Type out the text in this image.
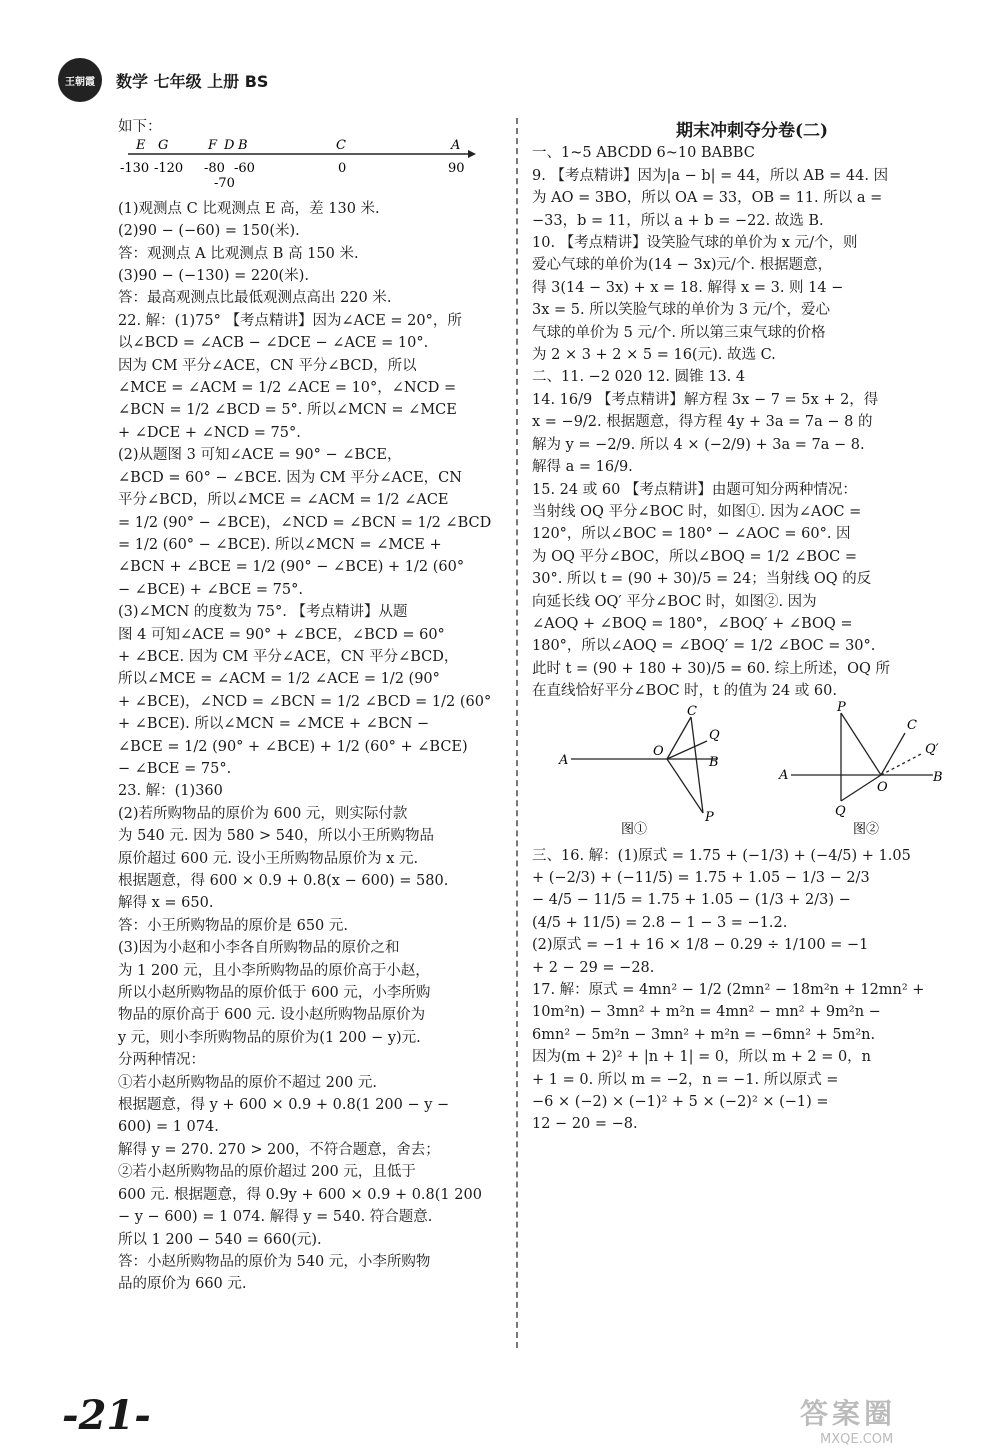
王朝霞	数学 七年级 上册 BS

如下：

E G	F D B	C	A
-130 -120 -80 -60	0	90
-70

(1)观测点 C 比观测点 E 高，差 130 米.

(2)90 − (−60) = 150(米).

答：观测点 A 比观测点 B 高 150 米.

(3)90 − (−130) = 220(米).

答：最高观测点比最低观测点高出 220 米.

22. 解：(1)75° 【考点精讲】因为∠ACE = 20°，所

以∠BCD = ∠ACB − ∠DCE − ∠ACE = 10°.

因为 CM 平分∠ACE，CN 平分∠BCD，所以

∠MCE = ∠ACM = 1/2 ∠ACE = 10°，∠NCD =

∠BCN = 1/2 ∠BCD = 5°. 所以∠MCN = ∠MCE

+ ∠DCE + ∠NCD = 75°.

(2)从题图 3 可知∠ACE = 90° − ∠BCE，

∠BCD = 60° − ∠BCE. 因为 CM 平分∠ACE，CN

平分∠BCD，所以∠MCE = ∠ACM = 1/2 ∠ACE

= 1/2 (90° − ∠BCE)，∠NCD = ∠BCN = 1/2 ∠BCD

= 1/2 (60° − ∠BCE). 所以∠MCN = ∠MCE +

∠BCN + ∠BCE = 1/2 (90° − ∠BCE) + 1/2 (60°

− ∠BCE) + ∠BCE = 75°.

(3)∠MCN 的度数为 75°. 【考点精讲】从题

图 4 可知∠ACE = 90° + ∠BCE，∠BCD = 60°

+ ∠BCE. 因为 CM 平分∠ACE，CN 平分∠BCD，

所以∠MCE = ∠ACM = 1/2 ∠ACE = 1/2 (90°

+ ∠BCE)，∠NCD = ∠BCN = 1/2 ∠BCD = 1/2 (60°

+ ∠BCE). 所以∠MCN = ∠MCE + ∠BCN −

∠BCE = 1/2 (90° + ∠BCE) + 1/2 (60° + ∠BCE)

− ∠BCE = 75°.

23. 解：(1)360

(2)若所购物品的原价为 600 元，则实际付款

为 540 元. 因为 580 > 540，所以小王所购物品

原价超过 600 元. 设小王所购物品原价为 x 元.

根据题意，得 600 × 0.9 + 0.8(x − 600) = 580.

解得 x = 650.

答：小王所购物品的原价是 650 元.

(3)因为小赵和小李各自所购物品的原价之和

为 1 200 元，且小李所购物品的原价高于小赵，

所以小赵所购物品的原价低于 600 元，小李所购

物品的原价高于 600 元. 设小赵所购物品原价为

y 元，则小李所购物品的原价为(1 200 − y)元.

分两种情况：

①若小赵所购物品的原价不超过 200 元.

根据题意，得 y + 600 × 0.9 + 0.8(1 200 − y −

600) = 1 074.

解得 y = 270. 270 > 200，不符合题意，舍去；

②若小赵所购物品的原价超过 200 元，且低于

600 元. 根据题意，得 0.9y + 600 × 0.9 + 0.8(1 200

− y − 600) = 1 074. 解得 y = 540. 符合题意.

所以 1 200 − 540 = 660(元).

答：小赵所购物品的原价为 540 元，小李所购物

品的原价为 660 元.

期末冲刺夺分卷(二)

一、1~5 ABCDD 6~10 BABBC

9. 【考点精讲】因为|a − b| = 44，所以 AB = 44. 因

为 AO = 3BO，所以 OA = 33，OB = 11. 所以 a =

−33，b = 11，所以 a + b = −22. 故选 B.

10. 【考点精讲】设笑脸气球的单价为 x 元/个，则

爱心气球的单价为(14 − 3x)元/个. 根据题意，

得 3(14 − 3x) + x = 18. 解得 x = 3. 则 14 −

3x = 5. 所以笑脸气球的单价为 3 元/个，爱心

气球的单价为 5 元/个. 所以第三束气球的价格

为 2 × 3 + 2 × 5 = 16(元). 故选 C.

二、11. −2 020 12. 圆锥 13. 4

14. 16/9 【考点精讲】解方程 3x − 7 = 5x + 2，得

x = −9/2. 根据题意，得方程 4y + 3a = 7a − 8 的

解为 y = −2/9. 所以 4 × (−2/9) + 3a = 7a − 8.

解得 a = 16/9.

15. 24 或 60 【考点精讲】由题可知分两种情况：

当射线 OQ 平分∠BOC 时，如图①. 因为∠AOC =

120°，所以∠BOC = 180° − ∠AOC = 60°. 因

为 OQ 平分∠BOC，所以∠BOQ = 1/2 ∠BOC =

30°. 所以 t = (90 + 30)/5 = 24；当射线 OQ 的反

向延长线 OQ′ 平分∠BOC 时，如图②. 因为

∠AOQ + ∠BOQ = 180°，∠BOQ′ + ∠BOQ =

180°，所以∠AOQ = ∠BOQ′ = 1/2 ∠BOC = 30°.

此时 t = (90 + 180 + 30)/5 = 60. 综上所述，OQ 所

在直线恰好平分∠BOC 时，t 的值为 24 或 60.

A
O
C
Q
B
P
图①
A
P
C
Q′
B
O
Q
图②

三、16. 解：(1)原式 = 1.75 + (−1/3) + (−4/5) + 1.05

+ (−2/3) + (−11/5) = 1.75 + 1.05 − 1/3 − 2/3

− 4/5 − 11/5 = 1.75 + 1.05 − (1/3 + 2/3) −

(4/5 + 11/5) = 2.8 − 1 − 3 = −1.2.

(2)原式 = −1 + 16 × 1/8 − 0.29 ÷ 1/100 = −1

+ 2 − 29 = −28.

17. 解：原式 = 4mn² − 1/2 (2mn² − 18m²n + 12mn² +

10m²n) − 3mn² + m²n = 4mn² − mn² + 9m²n −

6mn² − 5m²n − 3mn² + m²n = −6mn² + 5m²n.

因为(m + 2)² + |n + 1| = 0，所以 m + 2 = 0，n

+ 1 = 0. 所以 m = −2，n = −1. 所以原式 =

−6 × (−2) × (−1)² + 5 × (−2)² × (−1) =

12 − 20 = −8.

-21-	答案圈
MXQE.COM
